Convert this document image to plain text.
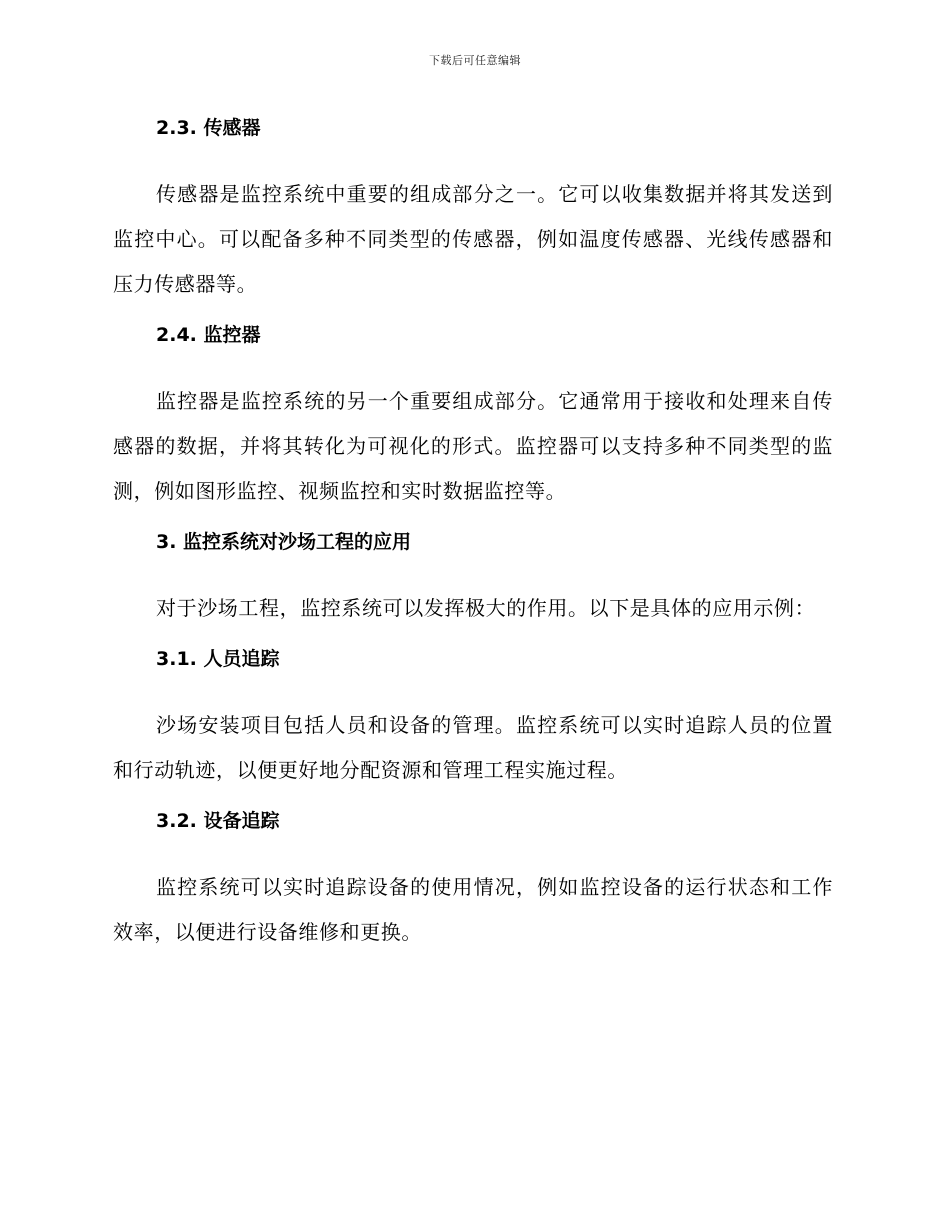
下载后可任意编辑
2.3. 传感器

传感器是监控系统中重要的组成部分之一。它可以收集数据并将其发送到监控中心。可以配备多种不同类型的传感器，例如温度传感器、光线传感器和压力传感器等。

2.4. 监控器

监控器是监控系统的另一个重要组成部分。它通常用于接收和处理来自传感器的数据，并将其转化为可视化的形式。监控器可以支持多种不同类型的监测，例如图形监控、视频监控和实时数据监控等。

3. 监控系统对沙场工程的应用

对于沙场工程，监控系统可以发挥极大的作用。以下是具体的应用示例：

3.1. 人员追踪

沙场安装项目包括人员和设备的管理。监控系统可以实时追踪人员的位置和行动轨迹，以便更好地分配资源和管理工程实施过程。

3.2. 设备追踪

监控系统可以实时追踪设备的使用情况，例如监控设备的运行状态和工作效率，以便进行设备维修和更换。
